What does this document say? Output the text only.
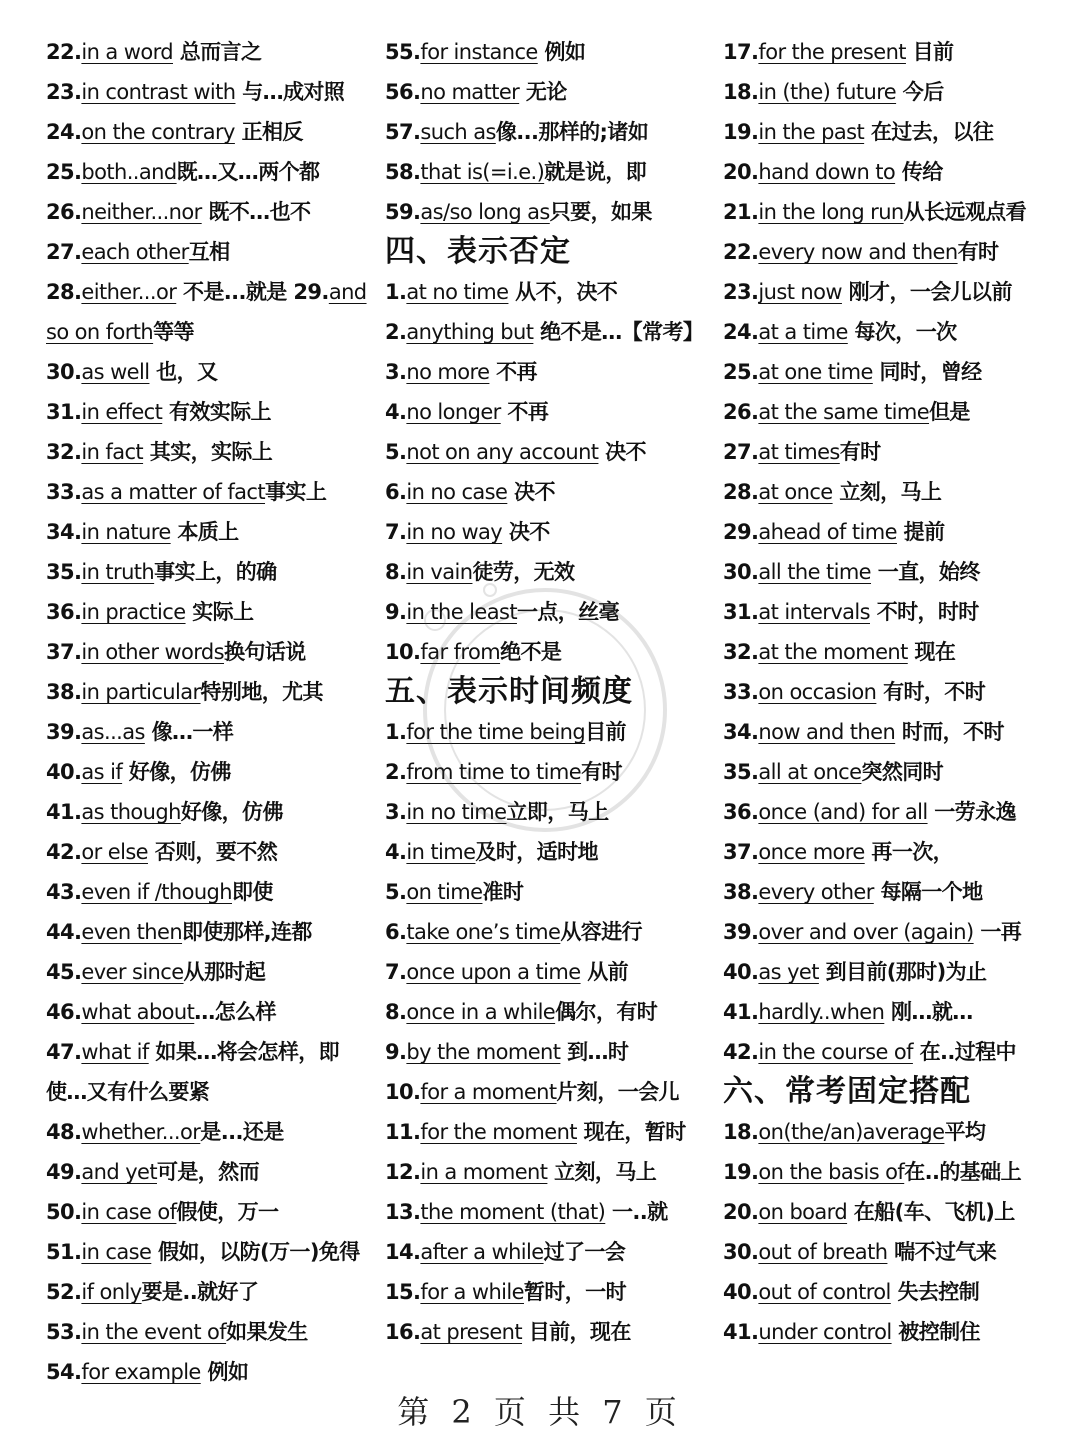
22.in a word 总而言之
23.in contrast with 与…成对照
24.on the contrary 正相反
25.both..and既…又…两个都
26.neither...nor 既不…也不
27.each other互相
28.either...or 不是...就是 29.and so on forth等等
30.as well 也，又
31.in effect 有效实际上
32.in fact 其实，实际上
33.as a matter of fact事实上
34.in nature 本质上
35.in truth事实上，的确
36.in practice 实际上
37.in other words换句话说
38.in particular特别地，尤其
39.as...as 像…一样
40.as if 好像，仿佛
41.as though好像，仿佛
42.or else 否则，要不然
43.even if /though即使
44.even then即使那样,连都
45.ever since从那时起
46.what about…怎么样
47.what if 如果…将会怎样，即使…又有什么要紧
48.whether...or是...还是
49.and yet可是，然而
50.in case of假使，万一
51.in case 假如，以防(万一)免得
52.if only要是..就好了
53.in the event of如果发生
54.for example 例如
55.for instance 例如
56.no matter 无论
57.such as像...那样的;诸如
58.that is(=i.e.)就是说，即
59.as/so long as只要，如果
四、表示否定
1.at no time 从不，决不
2.anything but 绝不是…【常考】
3.no more 不再
4.no longer 不再
5.not on any account 决不
6.in no case 决不
7.in no way 决不
8.in vain徒劳，无效
9.in the least一点，丝毫
10.far from绝不是
五、表示时间频度
1.for the time being目前
2.from time to time有时
3.in no time立即，马上
4.in time及时，适时地
5.on time准时
6.take one’s time从容进行
7.once upon a time 从前
8.once in a while偶尔，有时
9.by the moment 到…时
10.for a moment片刻，一会儿
11.for the moment 现在，暂时
12.in a moment 立刻，马上
13.the moment (that) 一..就
14.after a while过了一会
15.for a while暂时，一时
16.at present 目前，现在
17.for the present 目前
18.in (the) future 今后
19.in the past 在过去，以往
20.hand down to 传给
21.in the long run从长远观点看
22.every now and then有时
23.just now 刚才，一会儿以前
24.at a time 每次，一次
25.at one time 同时，曾经
26.at the same time但是
27.at times有时
28.at once 立刻，马上
29.ahead of time 提前
30.all the time 一直，始终
31.at intervals 不时，时时
32.at the moment 现在
33.on occasion 有时，不时
34.now and then 时而，不时
35.all at once突然同时
36.once (and) for all 一劳永逸
37.once more 再一次，
38.every other 每隔一个地
39.over and over (again) 一再
40.as yet 到目前(那时)为止
41.hardly..when 刚…就…
42.in the course of 在..过程中
六、常考固定搭配
18.on(the/an)average平均
19.on the basis of在..的基础上
20.on board 在船(车、飞机)上
30.out of breath 喘不过气来
40.out of control 失去控制
41.under control 被控制住
第 2 页 共 7 页
